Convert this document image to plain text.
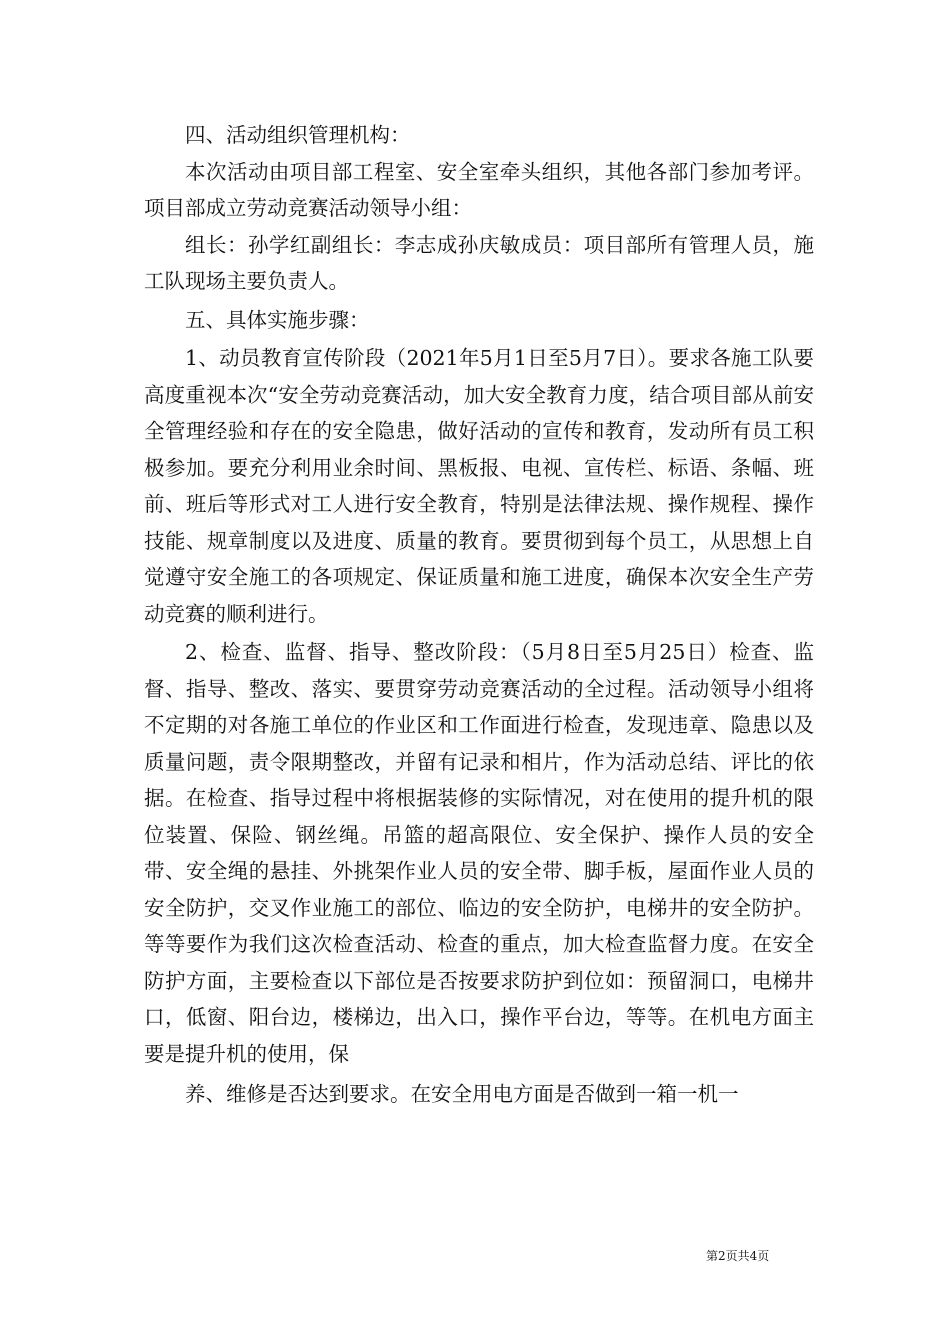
四、活动组织管理机构：

本次活动由项目部工程室、安全室牵头组织，其他各部门参加考评。项目部成立劳动竞赛活动领导小组：

组长：孙学红副组长：李志成孙庆敏成员：项目部所有管理人员，施工队现场主要负责人。

五、具体实施步骤：

1、动员教育宣传阶段（2021年5月1日至5月7日）。要求各施工队要高度重视本次“安全劳动竞赛活动，加大安全教育力度，结合项目部从前安全管理经验和存在的安全隐患，做好活动的宣传和教育，发动所有员工积极参加。要充分利用业余时间、黑板报、电视、宣传栏、标语、条幅、班前、班后等形式对工人进行安全教育，特别是法律法规、操作规程、操作技能、规章制度以及进度、质量的教育。要贯彻到每个员工，从思想上自觉遵守安全施工的各项规定、保证质量和施工进度，确保本次安全生产劳动竞赛的顺利进行。

2、检查、监督、指导、整改阶段：（5月8日至5月25日）检查、监督、指导、整改、落实、要贯穿劳动竞赛活动的全过程。活动领导小组将不定期的对各施工单位的作业区和工作面进行检查，发现违章、隐患以及质量问题，责令限期整改，并留有记录和相片，作为活动总结、评比的依据。在检查、指导过程中将根据装修的实际情况，对在使用的提升机的限位装置、保险、钢丝绳。吊篮的超高限位、安全保护、操作人员的安全带、安全绳的悬挂、外挑架作业人员的安全带、脚手板，屋面作业人员的安全防护，交叉作业施工的部位、临边的安全防护，电梯井的安全防护。等等要作为我们这次检查活动、检查的重点，加大检查监督力度。在安全防护方面，主要检查以下部位是否按要求防护到位如：预留洞口，电梯井口，低窗、阳台边，楼梯边，出入口，操作平台边，等等。在机电方面主要是提升机的使用，保

养、维修是否达到要求。在安全用电方面是否做到一箱一机一

第2页共4页
